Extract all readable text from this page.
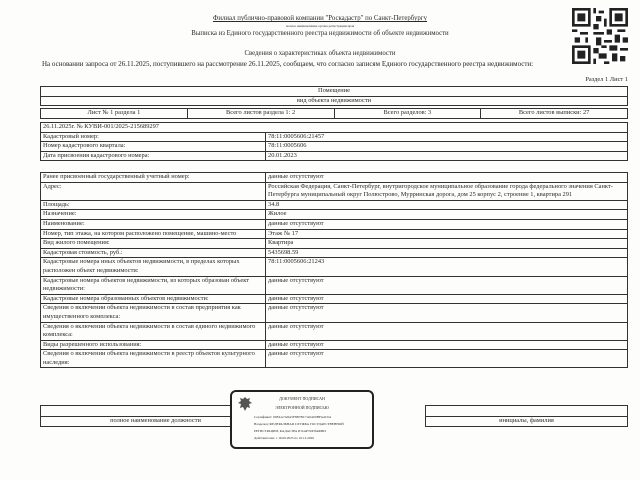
Филиал публично-правовой компании "Роскадастр" по Санкт-Петербургу
полное наименование органа регистрации прав
Выписка из Единого государственного реестра недвижимости об объекте недвижимости
Сведения о характеристиках объекта недвижимости
На основании запроса от 26.11.2025, поступившего на рассмотрение 26.11.2025, сообщаем, что согласно записям Единого государственного реестра недвижимости:
Раздел 1 Лист 1
Помещение
вид объекта недвижимости
Лист № 1 раздела 1	Всего листов раздела 1: 2	Всего разделов: 3	Всего листов выписки: 27
26.11.2025г. № КУВИ-001/2025-215689297	
Кадастровый номер:	78:11:0005606:21457
Номер кадастрового квартала:	78:11:0005606
Дата присвоения кадастрового номера:	20.01.2023
Ранее присвоенный государственный учетный номер:	данные отсутствуют
Адрес:	Российская Федерация, Санкт-Петербург, внутригородское муниципальное образование города федерального значения Санкт-Петербурга муниципальный округ Полюстрово, Мурринская дорога, дом 25 корпус 2, строение 1, квартира 291
Площадь:	34.8
Назначение:	Жилое
Наименование:	данные отсутствуют
Номер, тип этажа, на котором расположено помещение, машино-место	Этаж № 17
Вид жилого помещения:	Квартира
Кадастровая стоимость, руб.:	5435698.59
Кадастровые номера иных объектов недвижимости, в пределах которых расположен объект недвижимости:	78:11:0005606:21243
Кадастровые номера объектов недвижимости, из которых образован объект недвижимости:	данные отсутствуют
Кадастровые номера образованных объектов недвижимости:	данные отсутствуют
Сведения о включении объекта недвижимости в состав предприятия как имущественного комплекса:	данные отсутствуют
Сведения о включении объекта недвижимости в состав единого недвижимого комплекса:	данные отсутствуют
Виды разрешенного использования:	данные отсутствуют
Сведения о включении объекта недвижимости в реестр объектов культурного наследия:	данные отсутствуют

полное наименование должности		инициалы, фамилия
ДОКУМЕНТ ПОДПИСАН
ЭЛЕКТРОННОЙ ПОДПИСЬЮ
Сертификат: 00FAA7A8A5F6B7BC7A0A00BFA4C0A
Владелец: ФЕДЕРАЛЬНАЯ СЛУЖБА ГОСУДАРСТВЕННОЙ
РЕГИСТРАЦИИ, КАДАСТРА И КАРТОГРАФИИ
Действителен: с 16.09.2025 по 10.12.2026
